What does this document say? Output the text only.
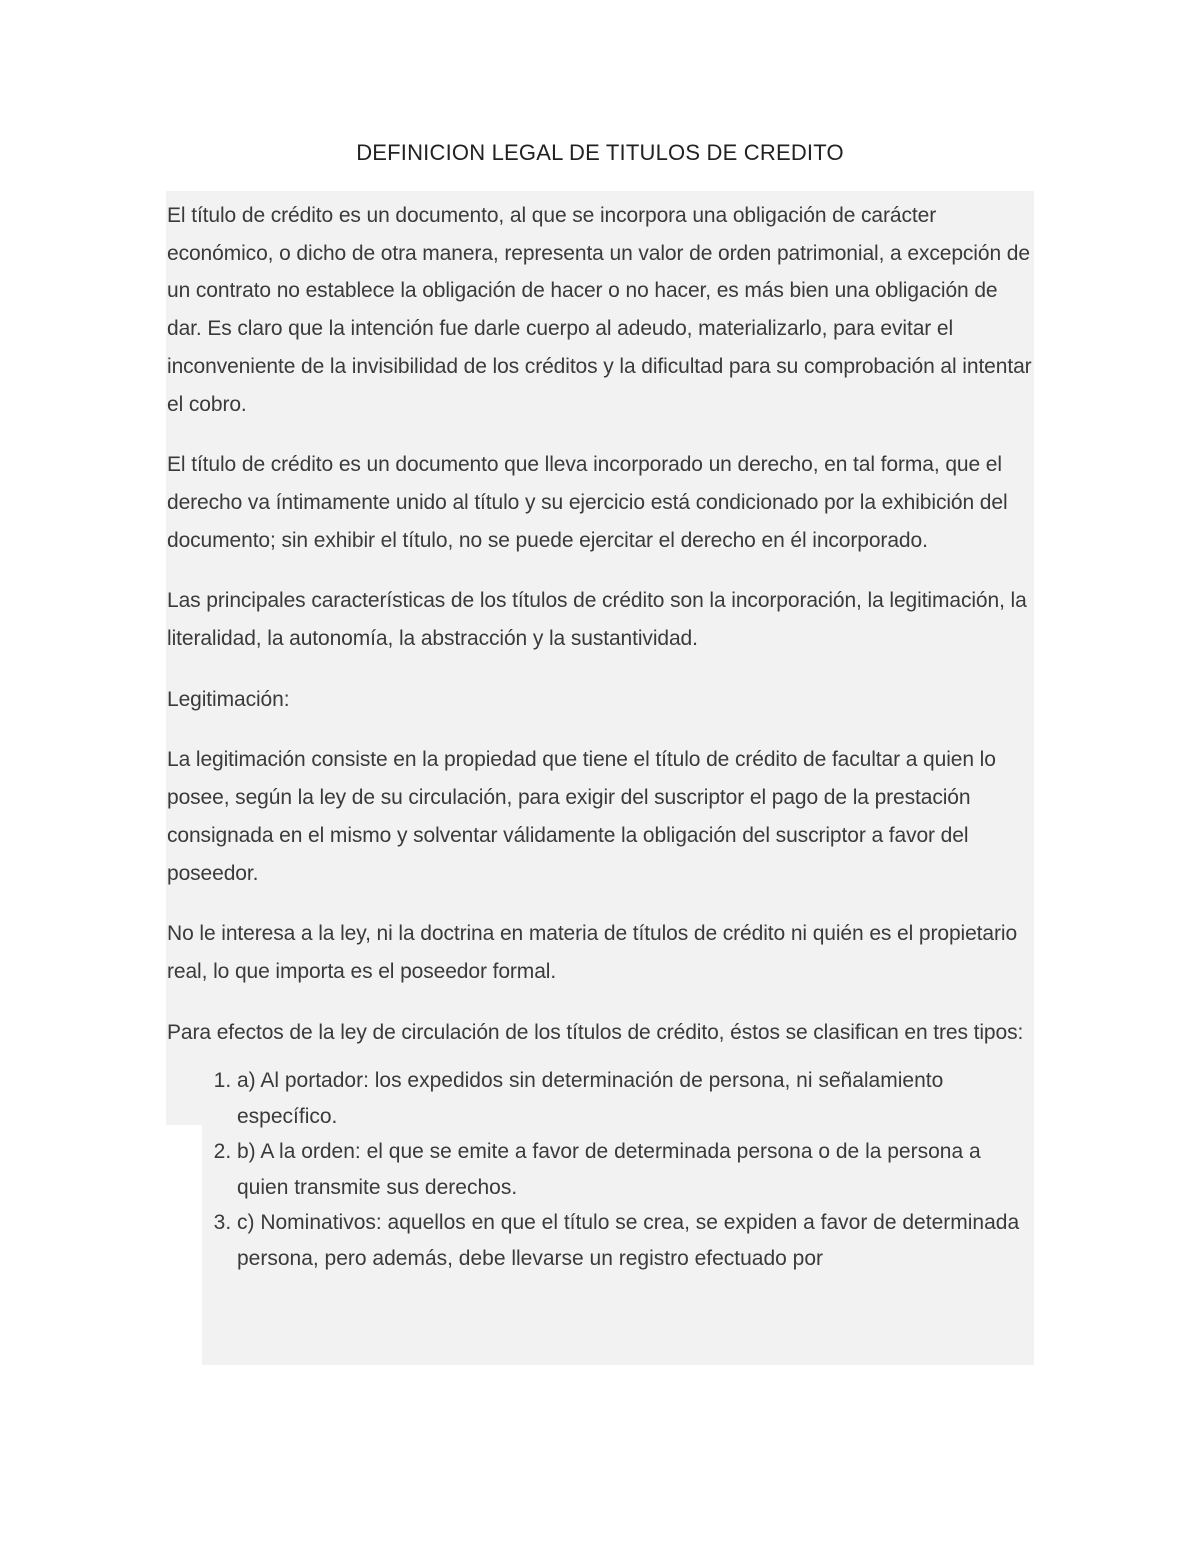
DEFINICION LEGAL DE TITULOS DE CREDITO

El título de crédito es un documento, al que se incorpora una obligación de carácter económico, o dicho de otra manera, representa un valor de orden patrimonial, a excepción de un contrato no establece la obligación de hacer o no hacer, es más bien una obligación de dar. Es claro que la intención fue darle cuerpo al adeudo, materializarlo, para evitar el inconveniente de la invisibilidad de los créditos y la dificultad para su comprobación al intentar el cobro.

El título de crédito es un documento que lleva incorporado un derecho, en tal forma, que el derecho va íntimamente unido al título y su ejercicio está condicionado por la exhibición del documento; sin exhibir el título, no se puede ejercitar el derecho en él incorporado.

Las principales características de los títulos de crédito son la incorporación, la legitimación, la literalidad, la autonomía, la abstracción y la sustantividad.

Legitimación:

La legitimación consiste en la propiedad que tiene el título de crédito de facultar a quien lo posee, según la ley de su circulación, para exigir del suscriptor el pago de la prestación consignada en el mismo y solventar válidamente la obligación del suscriptor a favor del poseedor.

No le interesa a la ley, ni la doctrina en materia de títulos de crédito ni quién es el propietario real, lo que importa es el poseedor formal.

Para efectos de la ley de circulación de los títulos de crédito, éstos se clasifican en tres tipos:

1. a) Al portador: los expedidos sin determinación de persona, ni señalamiento específico.
2. b) A la orden: el que se emite a favor de determinada persona o de la persona a quien transmite sus derechos.
3. c) Nominativos: aquellos en que el título se crea, se expiden a favor de determinada persona, pero además, debe llevarse un registro efectuado por
